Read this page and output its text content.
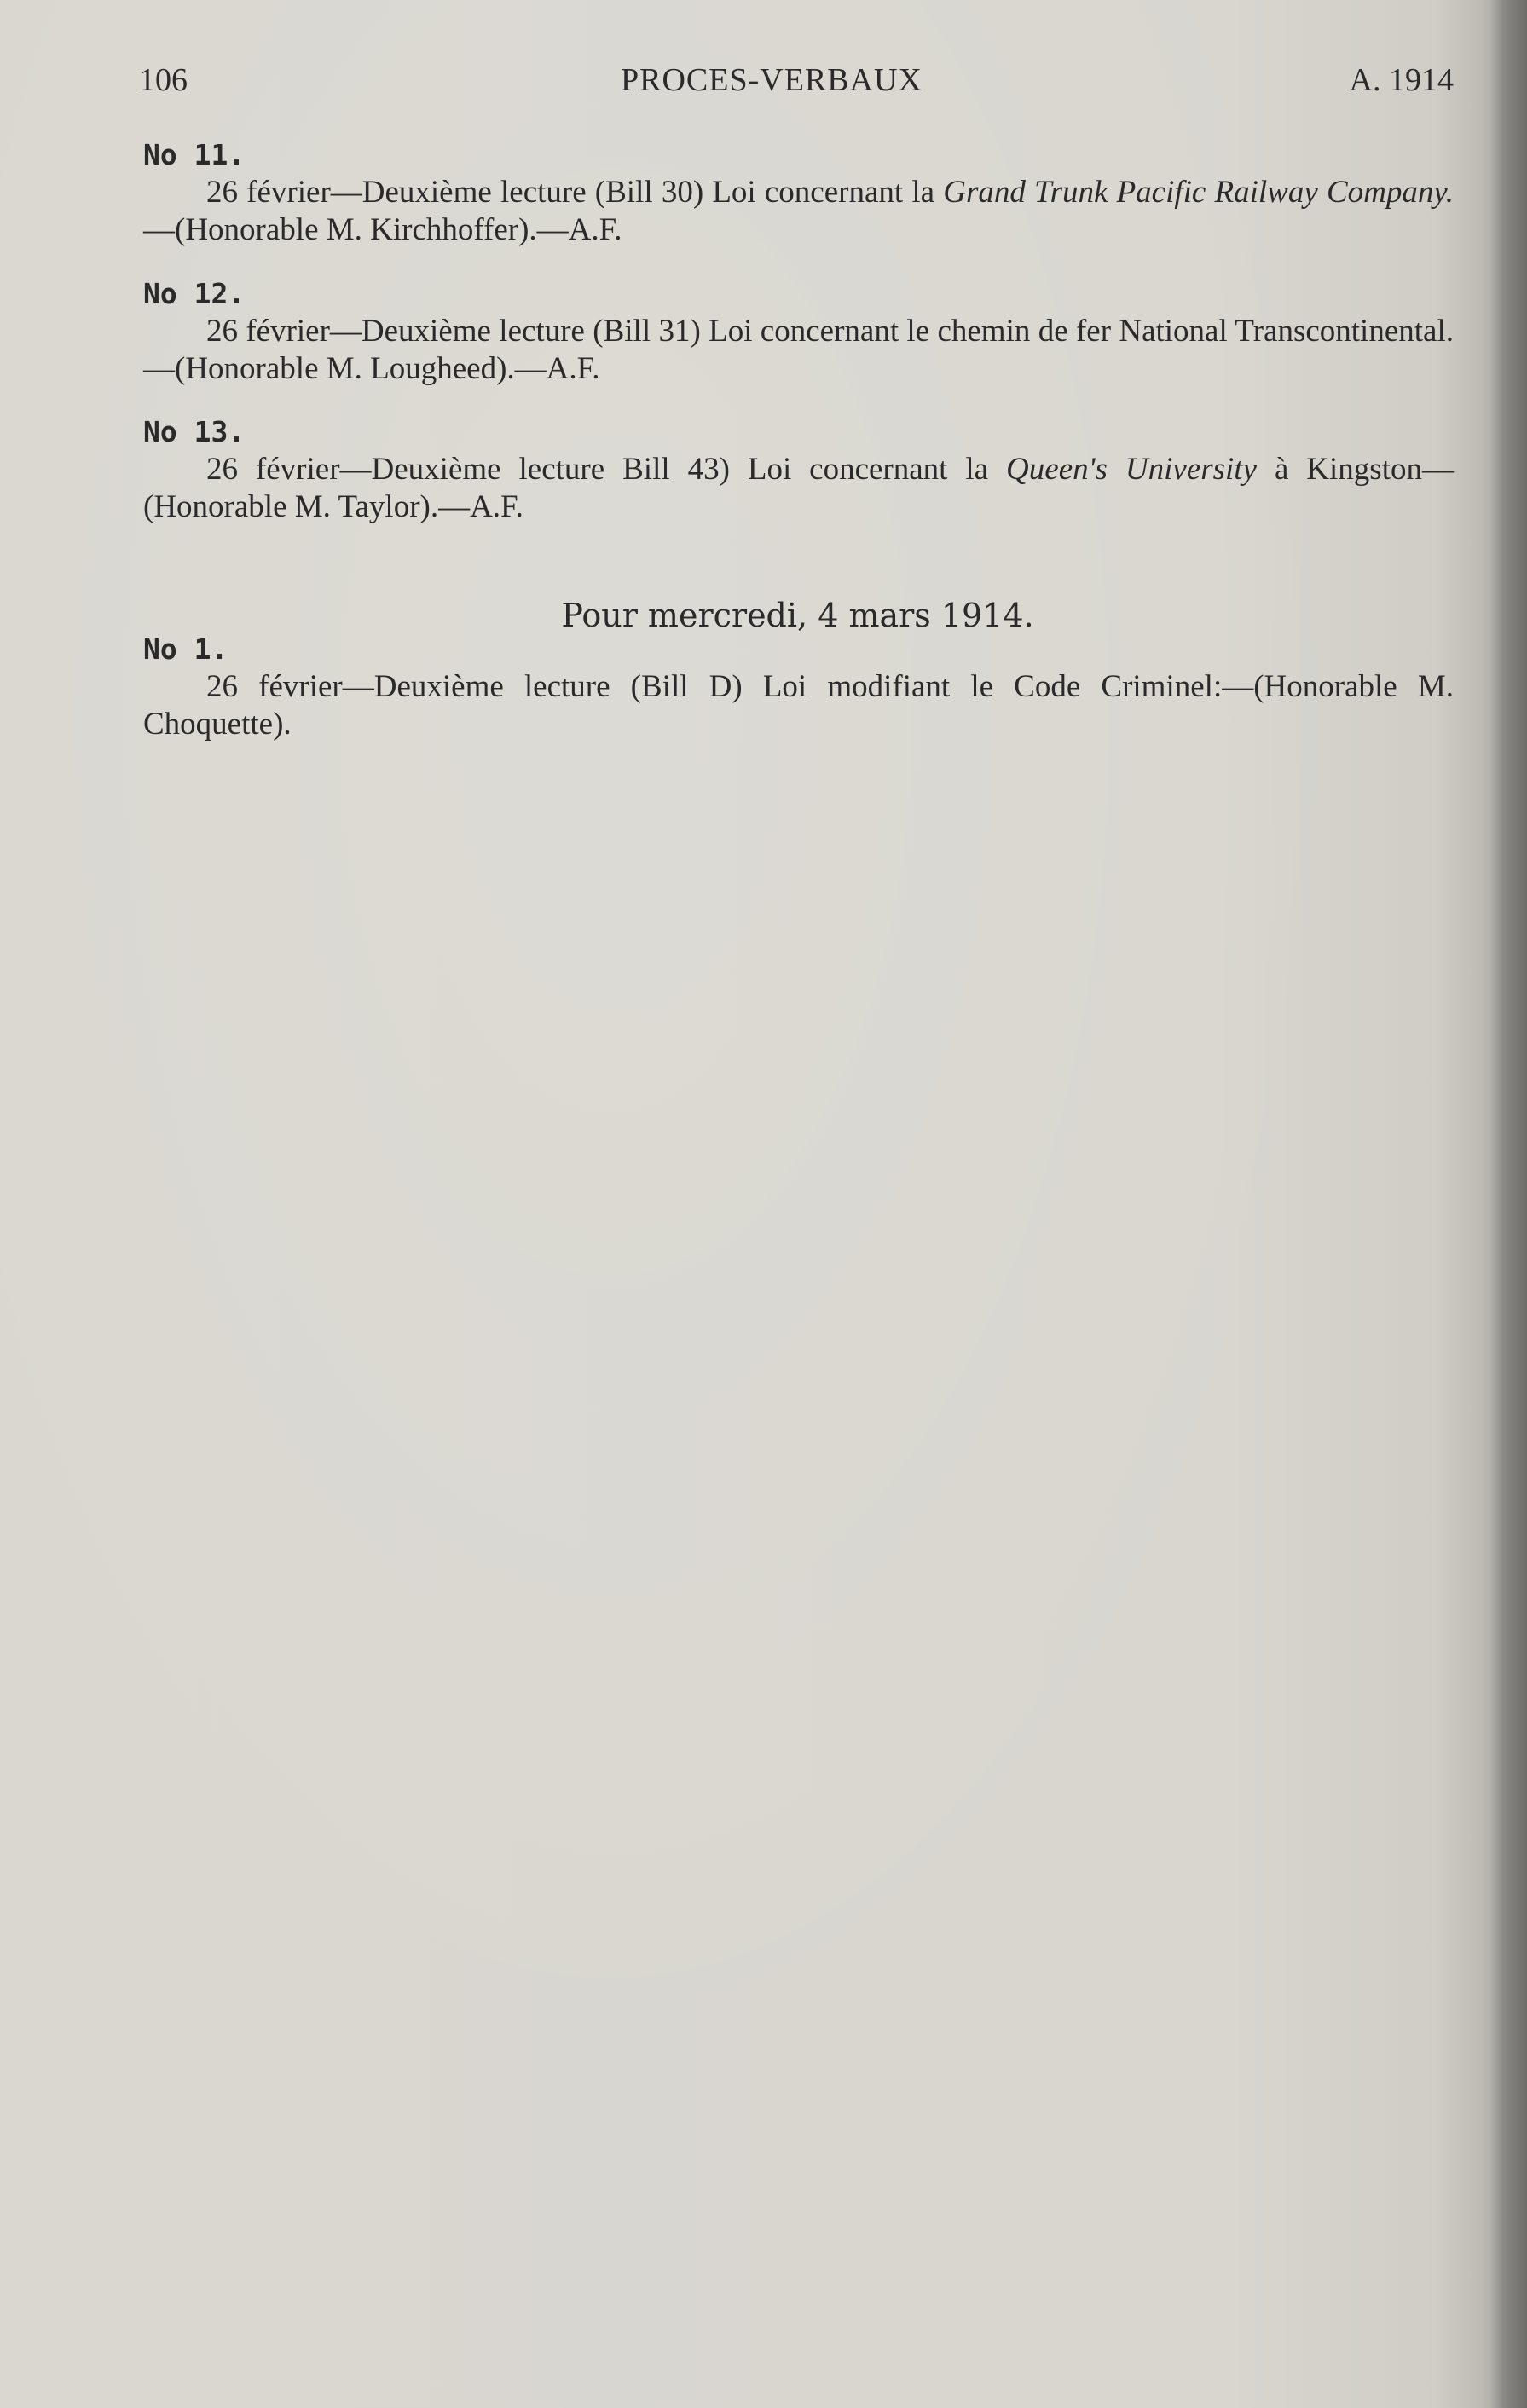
106	PROCES-VERBAUX	A. 1914
No 11.
26 février—Deuxième lecture (Bill 30) Loi concernant la Grand Trunk Pacific Railway Company.—(Honorable M. Kirchhoffer).—A.F.
No 12.
26 février—Deuxième lecture (Bill 31) Loi concernant le chemin de fer National Transcontinental.—(Honorable M. Lougheed).—A.F.
No 13.
26 février—Deuxième lecture Bill 43) Loi concernant la Queen's University à Kingston—(Honorable M. Taylor).—A.F.
Pour mercredi, 4 mars 1914.
No 1.
26 février—Deuxième lecture (Bill D) Loi modifiant le Code Criminel:—(Honorable M. Choquette).
